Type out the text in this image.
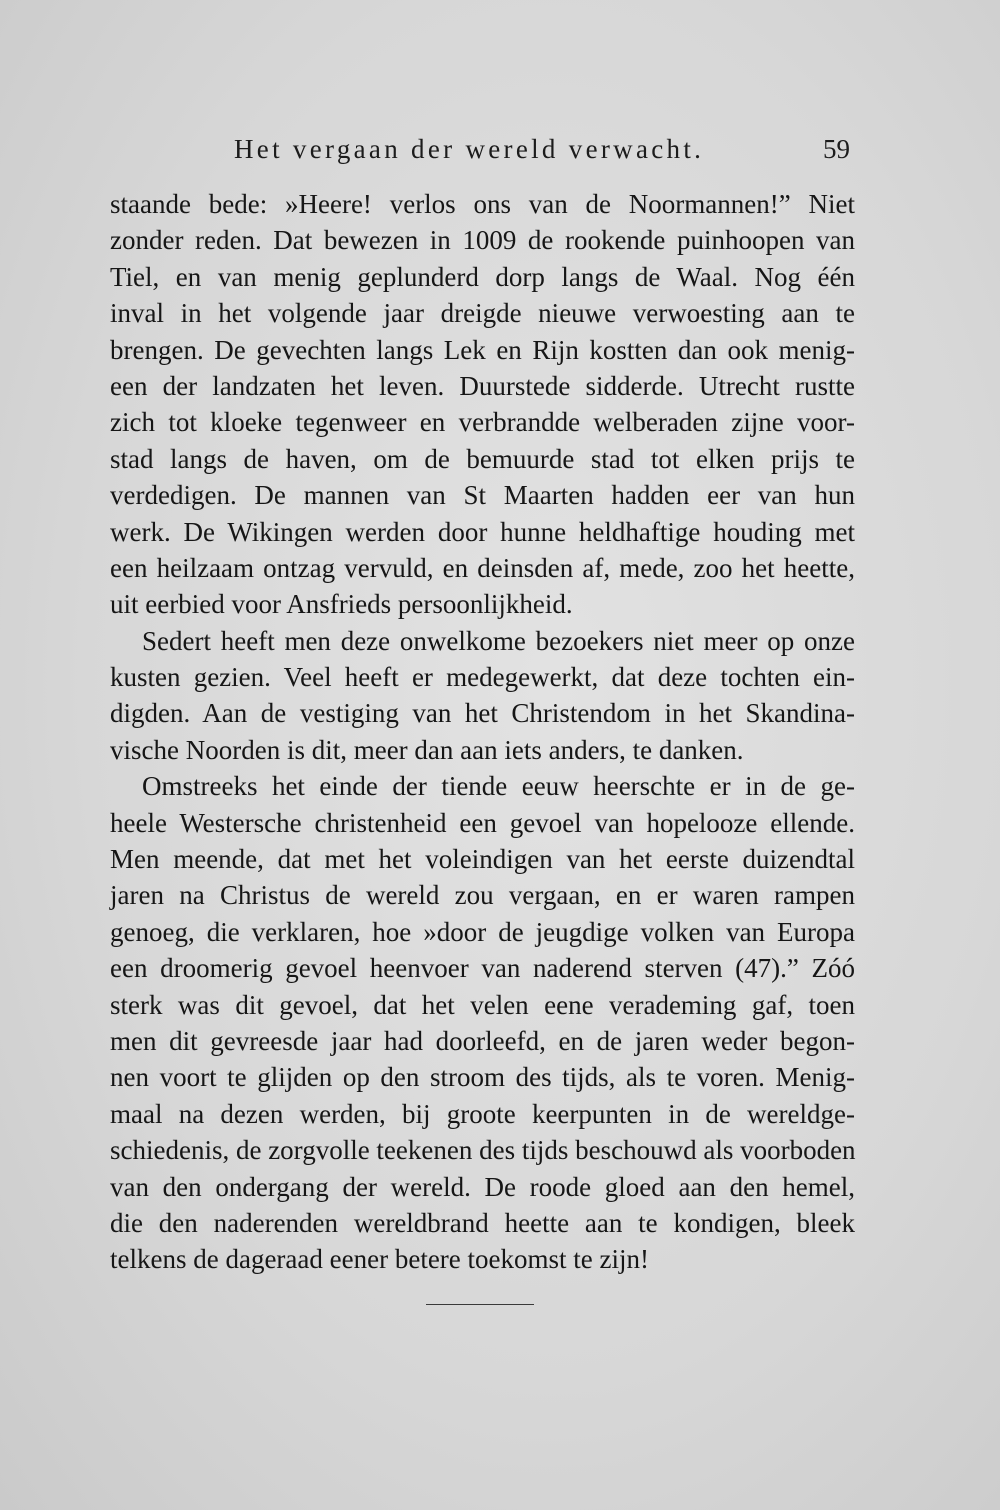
Het vergaan der wereld verwacht.	59
staande bede: »Heere! verlos ons van de Noormannen!” Niet
zonder reden. Dat bewezen in 1009 de rookende puinhoopen van
Tiel, en van menig geplunderd dorp langs de Waal. Nog één
inval in het volgende jaar dreigde nieuwe verwoesting aan te
brengen. De gevechten langs Lek en Rijn kostten dan ook menig-
een der landzaten het leven. Duurstede sidderde. Utrecht rustte
zich tot kloeke tegenweer en verbrandde welberaden zijne voor-
stad langs de haven, om de bemuurde stad tot elken prijs te
verdedigen. De mannen van St Maarten hadden eer van hun
werk. De Wikingen werden door hunne heldhaftige houding met
een heilzaam ontzag vervuld, en deinsden af, mede, zoo het heette,
uit eerbied voor Ansfrieds persoonlijkheid.
Sedert heeft men deze onwelkome bezoekers niet meer op onze
kusten gezien. Veel heeft er medegewerkt, dat deze tochten ein-
digden. Aan de vestiging van het Christendom in het Skandina-
vische Noorden is dit, meer dan aan iets anders, te danken.
Omstreeks het einde der tiende eeuw heerschte er in de ge-
heele Westersche christenheid een gevoel van hopelooze ellende.
Men meende, dat met het voleindigen van het eerste duizendtal
jaren na Christus de wereld zou vergaan, en er waren rampen
genoeg, die verklaren, hoe »door de jeugdige volken van Europa
een droomerig gevoel heenvoer van naderend sterven (47).” Zóó
sterk was dit gevoel, dat het velen eene verademing gaf, toen
men dit gevreesde jaar had doorleefd, en de jaren weder begon-
nen voort te glijden op den stroom des tijds, als te voren. Menig-
maal na dezen werden, bij groote keerpunten in de wereldge-
schiedenis, de zorgvolle teekenen des tijds beschouwd als voorboden
van den ondergang der wereld. De roode gloed aan den hemel,
die den naderenden wereldbrand heette aan te kondigen, bleek
telkens de dageraad eener betere toekomst te zijn!
